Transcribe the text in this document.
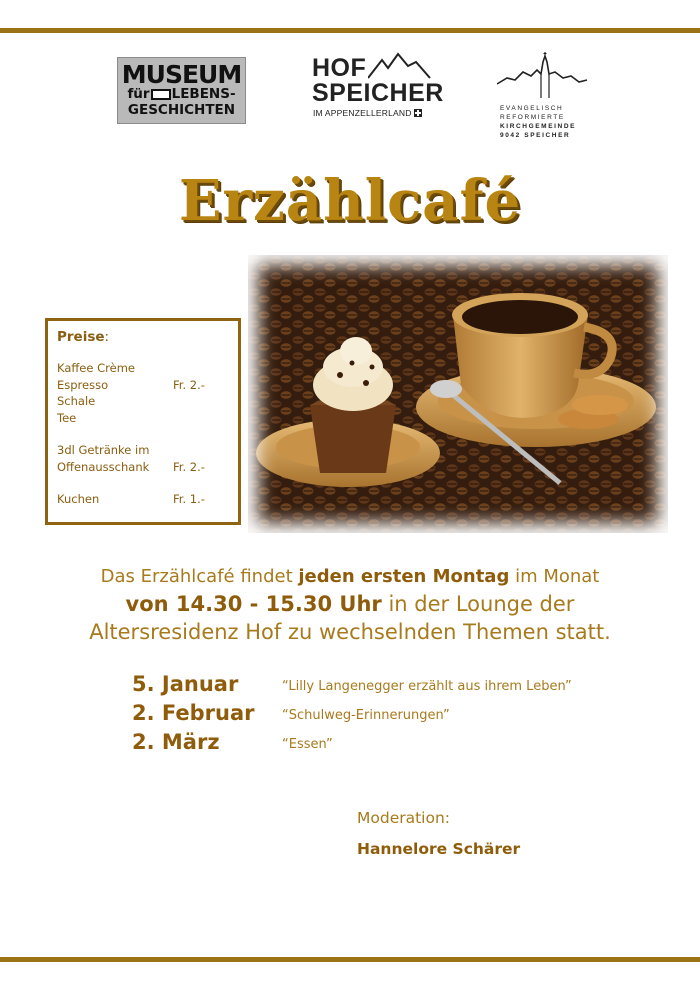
MUSEUM
für LEBENS-
GESCHICHTEN
HOF
SPEICHER
IM APPENZELLERLAND	EVANGELISCH
REFORMIERTE
KIRCHGEMEINDE
9042 SPEICHER
Erzählcafé
Preise:
Kaffee Crème
Espresso	Fr. 2.-
Schale
Tee
3dl Getränke im
Offenausschank	Fr. 2.-
Kuchen	Fr. 1.-
Das Erzählcafé findet jeden ersten Montag im Monat
von 14.30 - 15.30 Uhr in der Lounge der
Altersresidenz Hof zu wechselnden Themen statt.
5. Januar	“Lilly Langenegger erzählt aus ihrem Leben”
2. Februar “Schulweg-Erinnerungen”
2. März	“Essen”
Moderation:
Hannelore Schärer
